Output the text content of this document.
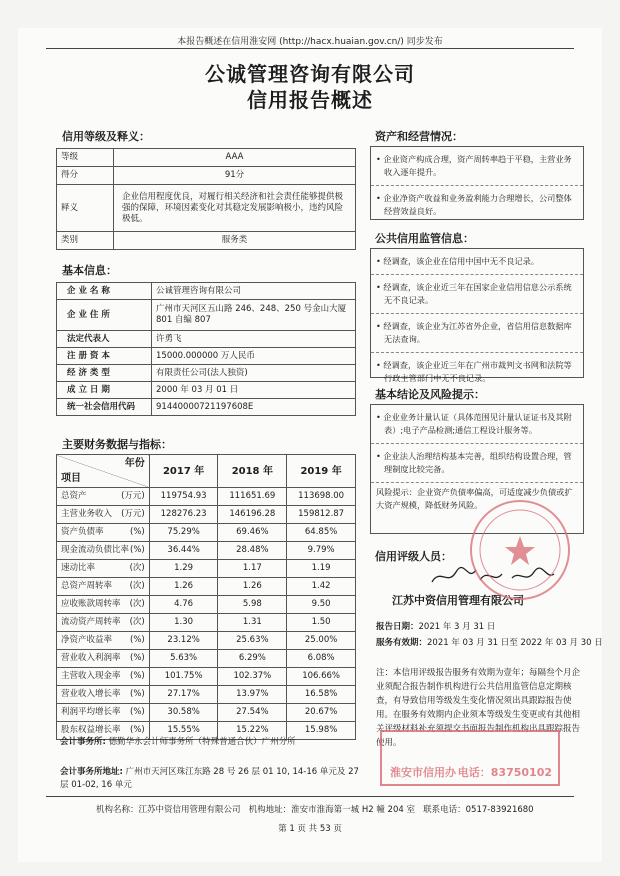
本报告概述在信用淮安网 (http://hacx.huaian.gov.cn/) 同步发布
公诚管理咨询有限公司
信用报告概述
信用等级及释义：
等级	AAA
得分	91分
释义	企业信用程度优良，对履行相关经济和社会责任能够提供极强的保障，环境因素变化对其稳定发展影响极小，违约风险极低。
类别	服务类
基本信息：
企 业 名 称	公诚管理咨询有限公司
企 业 住 所	广州市天河区五山路 246、248、250 号金山大厦 801 自编 807
法定代表人	许勇飞
注 册 资 本	15000.000000 万人民币
经 济 类 型	有限责任公司(法人独资)
成 立 日 期	2000 年 03 月 01 日
统一社会信用代码	91440000721197608E
主要财务数据与指标：
年份
项目	2017 年	2018 年	2019 年
总资产 (万元)	119754.93	111651.69	113698.00
主营业务收入 (万元)	128276.23	146196.28	159812.87
资产负债率 (%)	75.29%	69.46%	64.85%
现金流动负债比率 (%)	36.44%	28.48%	9.79%
速动比率 (次)	1.29	1.17	1.19
总资产周转率 (次)	1.26	1.26	1.42
应收账款周转率 (次)	4.76	5.98	9.50
流动资产周转率 (次)	1.30	1.31	1.50
净资产收益率 (%)	23.12%	25.63%	25.00%
营业收入利润率 (%)	5.63%	6.29%	6.08%
主营收入现金率 (%)	101.75%	102.37%	106.66%
营业收入增长率 (%)	27.17%	13.97%	16.58%
利润平均增长率 (%)	30.58%	27.54%	20.67%
股东权益增长率 (%)	15.55%	15.22%	15.98%
会计事务所: 德勤华永会计师事务所（特殊普通合伙）广州分所
会计事务所地址: 广州市天河区珠江东路 28 号 26 层 01 10, 14-16 单元及 27 层 01-02, 16 单元
资产和经营情况：
• 企业资产构成合理，资产周转率趋于平稳，主营业务收入逐年提升。
• 企业净资产收益和业务盈利能力合理增长，公司整体经营效益良好。
公共信用监管信息：
• 经调查，该企业在信用中国中无不良记录。
• 经调查，该企业近三年在国家企业信用信息公示系统无不良记录。
• 经调查，该企业为江苏省外企业，省信用信息数据库无法查询。
• 经调查，该企业近三年在广州市裁判文书网和法院等行政主管部门中无不良记录。
基本结论及风险提示：
• 企业业务计量认证（具体范围见计量认证证书及其附表）;电子产品检测;通信工程设计服务等。
• 企业法人治理结构基本完善，组织结构设置合理，管理制度比较完备。
风险提示：企业资产负债率偏高，可适度减少负债或扩大资产规模，降低财务风险。
信用评级人员：
江苏中资信用管理有限公司
报告日期：2021 年 3 月 31 日
服务有效期：2021 年 03 月 31 日至 2022 年 03 月 30 日
注：本信用评级报告服务有效期为壹年；每隔叁个月企业须配合报告制作机构进行公共信用监管信息定期核查，有导致信用等级发生变化情况须出具跟踪报告使用。在服务有效期内企业须本等级发生变更或有其他相关评级材料补充须提交书面报告制作机构出具跟踪报告使用。
淮安市信用办 电话：83750102
机构名称：江苏中资信用管理有限公司 机构地址：淮安市淮海第一城 H2 幢 204 室 联系电话：0517-83921680
第 1 页 共 53 页
